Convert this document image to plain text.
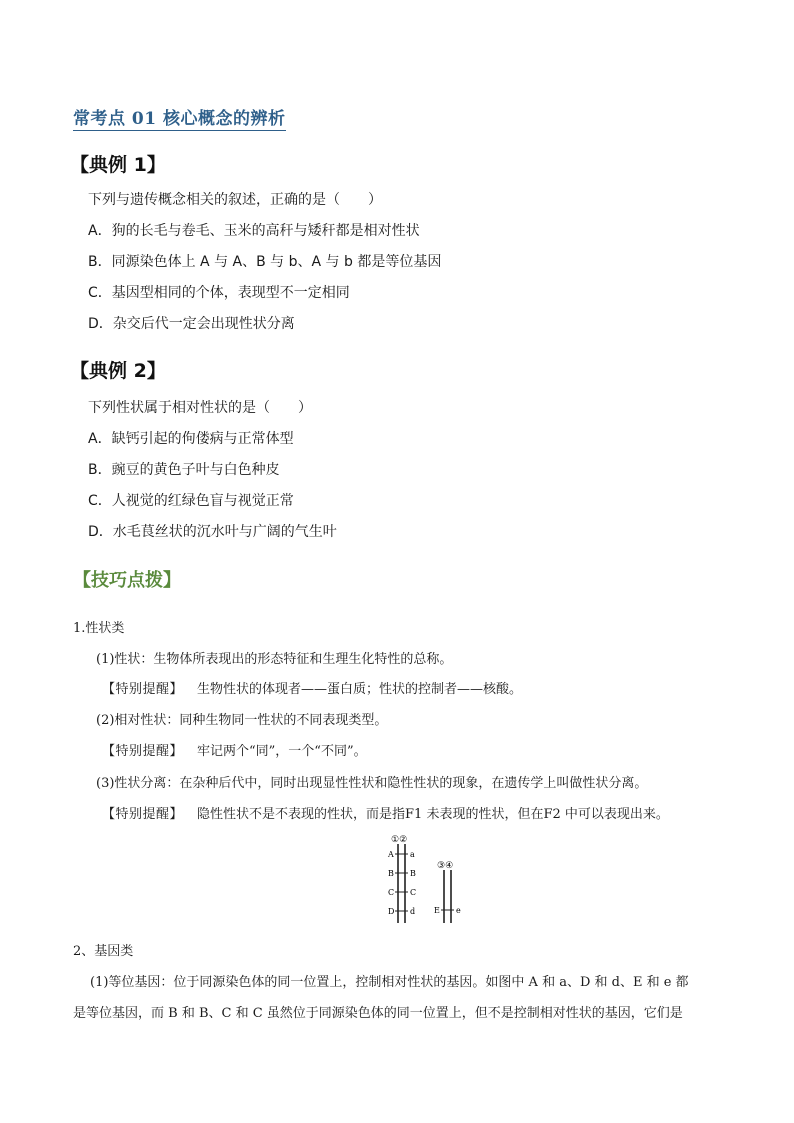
常考点 01 核心概念的辨析
【典例 1】
下列与遗传概念相关的叙述，正确的是（　　）
A．狗的长毛与卷毛、玉米的高秆与矮秆都是相对性状
B．同源染色体上 A 与 A、B 与 b、A 与 b 都是等位基因
C．基因型相同的个体，表现型不一定相同
D．杂交后代一定会出现性状分离
【典例 2】
下列性状属于相对性状的是（　　）
A．缺钙引起的佝偻病与正常体型
B．豌豆的黄色子叶与白色种皮
C．人视觉的红绿色盲与视觉正常
D．水毛茛丝状的沉水叶与广阔的气生叶
【技巧点拨】
1.性状类
(1)性状：生物体所表现出的形态特征和生理生化特性的总称。
【特别提醒】 生物性状的体现者——蛋白质；性状的控制者——核酸。
(2)相对性状：同种生物同一性状的不同表现类型。
【特别提醒】 牢记两个“同”，一个“不同”。
(3)性状分离：在杂种后代中，同时出现显性性状和隐性性状的现象，在遗传学上叫做性状分离。
【特别提醒】 隐性性状不是不表现的性状，而是指F1 未表现的性状，但在F2 中可以表现出来。
①②
A
B
C
D
a
B
C
d
③④
E e
2、基因类
(1)等位基因：位于同源染色体的同一位置上，控制相对性状的基因。如图中 A 和 a、D 和 d、E 和 e 都
是等位基因，而 B 和 B、C 和 C 虽然位于同源染色体的同一位置上，但不是控制相对性状的基因，它们是
